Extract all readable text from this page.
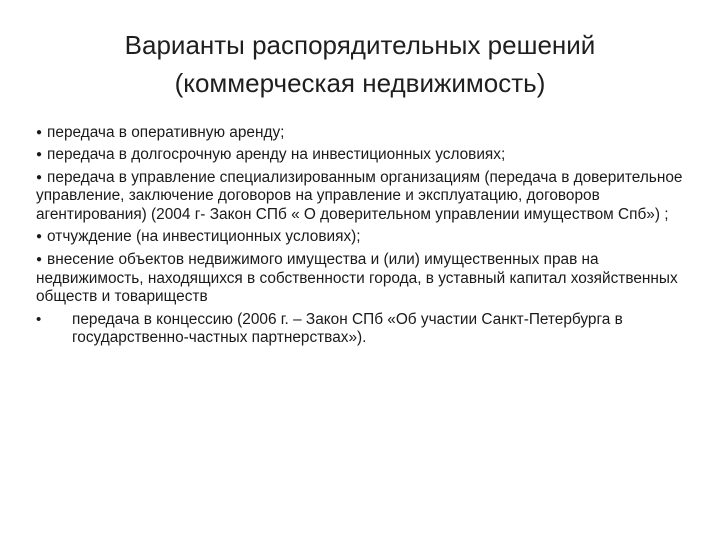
Варианты распорядительных решений
(коммерческая недвижимость)

● передача в оперативную аренду;

● передача в долгосрочную аренду на инвестиционных условиях;

● передача в управление специализированным организациям (передача в доверительное управление, заключение договоров на управление и эксплуатацию, договоров агентирования) (2004 г- Закон СПб « О доверительном управлении имуществом Спб») ;

● отчуждение (на инвестиционных условиях);

● внесение объектов недвижимого имущества и (или) имущественных прав на недвижимость, находящихся в собственности города, в уставный капитал хозяйственных обществ и товариществ

•	передача в концессию (2006 г. – Закон СПб «Об участии Санкт-Петербурга в государственно-частных партнерствах»).
